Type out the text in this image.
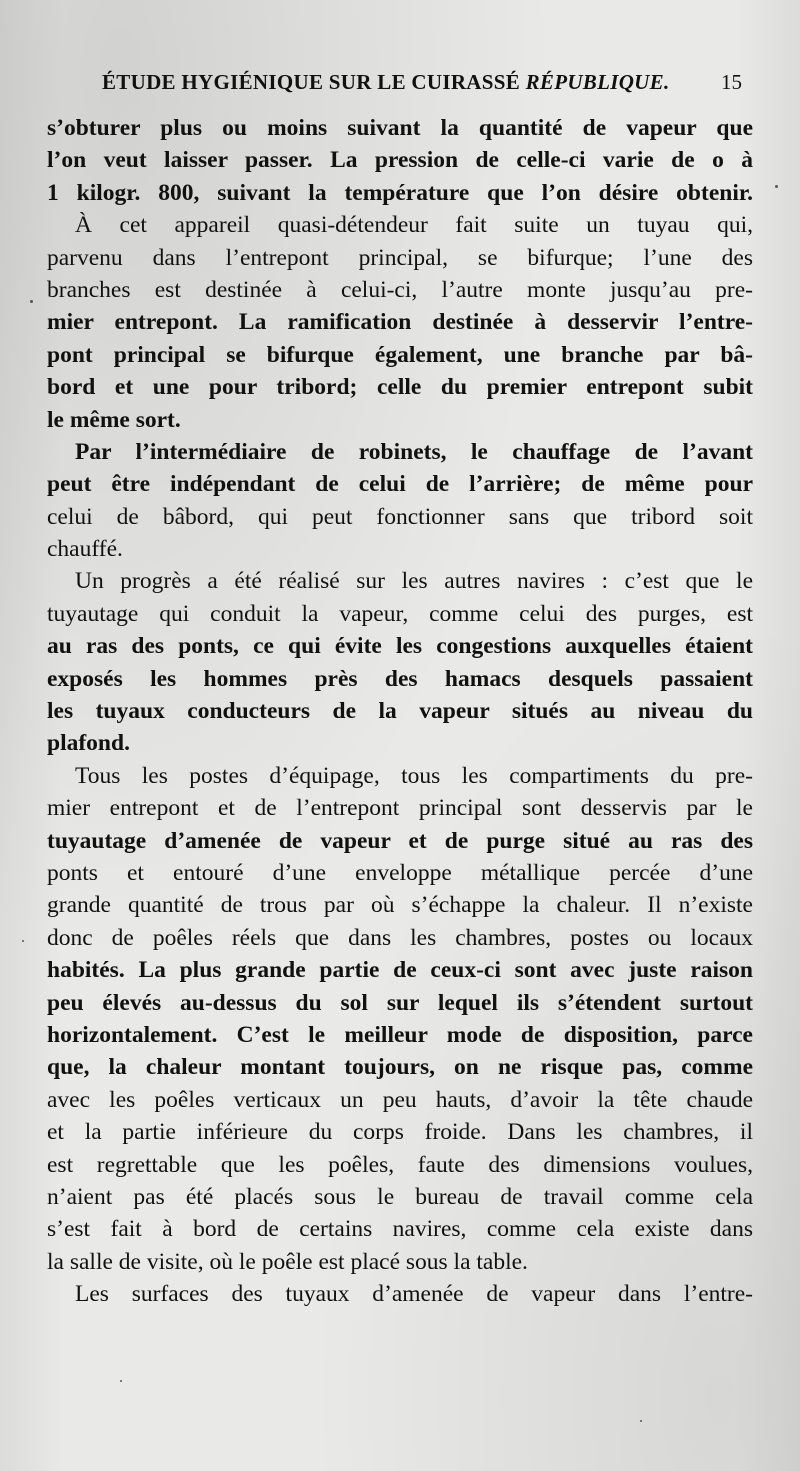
ÉTUDE HYGIÉNIQUE SUR LE CUIRASSÉ RÉPUBLIQUE. 15
s’obturer plus ou moins suivant la quantité de vapeur que
l’on veut laisser passer. La pression de celle-ci varie de o à
1 kilogr. 800, suivant la température que l’on désire obtenir.
À cet appareil quasi-détendeur fait suite un tuyau qui,
parvenu dans l’entrepont principal, se bifurque; l’une des
branches est destinée à celui-ci, l’autre monte jusqu’au pre-
mier entrepont. La ramification destinée à desservir l’entre-
pont principal se bifurque également, une branche par bâ-
bord et une pour tribord; celle du premier entrepont subit
le même sort.
Par l’intermédiaire de robinets, le chauffage de l’avant
peut être indépendant de celui de l’arrière; de même pour
celui de bâbord, qui peut fonctionner sans que tribord soit
chauffé.
Un progrès a été réalisé sur les autres navires : c’est que le
tuyautage qui conduit la vapeur, comme celui des purges, est
au ras des ponts, ce qui évite les congestions auxquelles étaient
exposés les hommes près des hamacs desquels passaient
les tuyaux conducteurs de la vapeur situés au niveau du
plafond.
Tous les postes d’équipage, tous les compartiments du pre-
mier entrepont et de l’entrepont principal sont desservis par le
tuyautage d’amenée de vapeur et de purge situé au ras des
ponts et entouré d’une enveloppe métallique percée d’une
grande quantité de trous par où s’échappe la chaleur. Il n’existe
donc de poêles réels que dans les chambres, postes ou locaux
habités. La plus grande partie de ceux-ci sont avec juste raison
peu élevés au-dessus du sol sur lequel ils s’étendent surtout
horizontalement. C’est le meilleur mode de disposition, parce
que, la chaleur montant toujours, on ne risque pas, comme
avec les poêles verticaux un peu hauts, d’avoir la tête chaude
et la partie inférieure du corps froide. Dans les chambres, il
est regrettable que les poêles, faute des dimensions voulues,
n’aient pas été placés sous le bureau de travail comme cela
s’est fait à bord de certains navires, comme cela existe dans
la salle de visite, où le poêle est placé sous la table.
Les surfaces des tuyaux d’amenée de vapeur dans l’entre-
